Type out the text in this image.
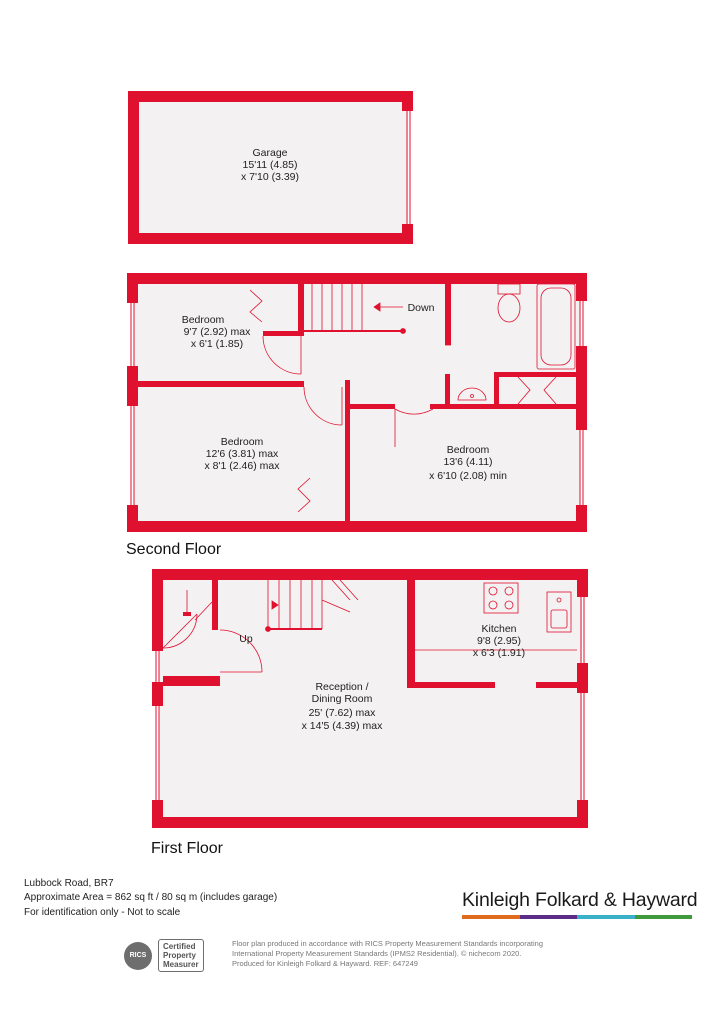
Garage
15'11 (4.85)
x 7'10 (3.39)
Down
Bedroom
9'7 (2.92) max
x 6'1 (1.85)
Bedroom
12'6 (3.81) max
x 8'1 (2.46) max
Bedroom
13'6 (4.11)
x 6'10 (2.08) min
Up
Kitchen
9'8 (2.95)
x 6'3 (1.91)
Reception /
Dining Room
25' (7.62) max
x 14'5 (4.39) max
Second Floor
First Floor
Lubbock Road, BR7
Approximate Area = 862 sq ft / 80 sq m (includes garage)
For identification only - Not to scale
Kinleigh Folkard & Hayward
RICS
Certified
Property
Measurer
Floor plan produced in accordance with RICS Property Measurement Standards incorporating
International Property Measurement Standards (IPMS2 Residential). © nichecom 2020.
Produced for Kinleigh Folkard & Hayward. REF: 647249
